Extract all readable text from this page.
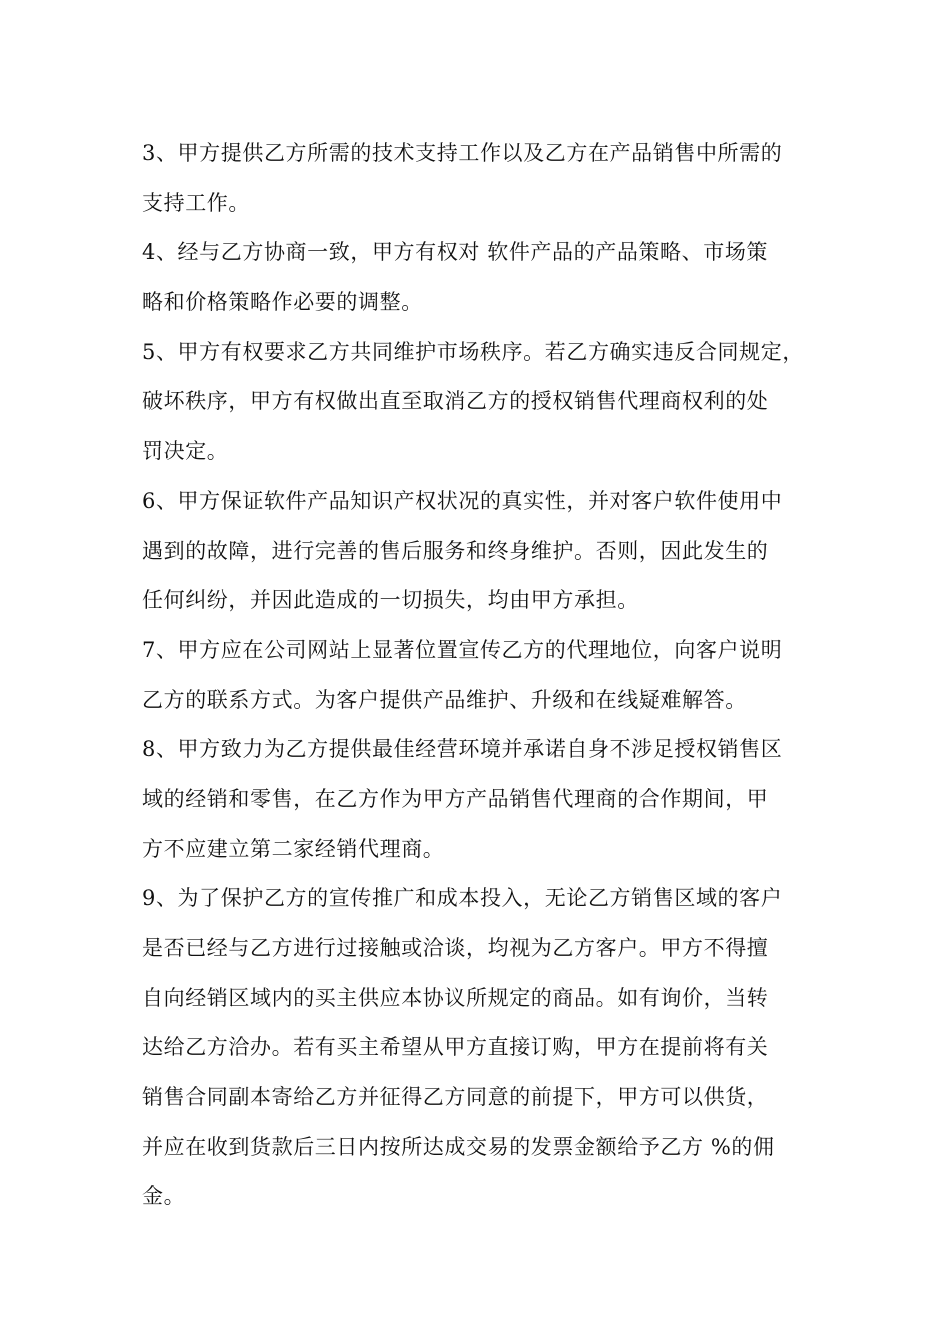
3、甲方提供乙方所需的技术支持工作以及乙方在产品销售中所需的
支持工作。
4、经与乙方协商一致，甲方有权对 软件产品的产品策略、市场策
略和价格策略作必要的调整。
5、甲方有权要求乙方共同维护市场秩序。若乙方确实违反合同规定，
破坏秩序，甲方有权做出直至取消乙方的授权销售代理商权利的处
罚决定。
6、甲方保证软件产品知识产权状况的真实性，并对客户软件使用中
遇到的故障，进行完善的售后服务和终身维护。否则，因此发生的
任何纠纷，并因此造成的一切损失，均由甲方承担。
7、甲方应在公司网站上显著位置宣传乙方的代理地位，向客户说明
乙方的联系方式。为客户提供产品维护、升级和在线疑难解答。
8、甲方致力为乙方提供最佳经营环境并承诺自身不涉足授权销售区
域的经销和零售，在乙方作为甲方产品销售代理商的合作期间，甲
方不应建立第二家经销代理商。
9、为了保护乙方的宣传推广和成本投入，无论乙方销售区域的客户
是否已经与乙方进行过接触或洽谈，均视为乙方客户。甲方不得擅
自向经销区域内的买主供应本协议所规定的商品。如有询价，当转
达给乙方洽办。若有买主希望从甲方直接订购，甲方在提前将有关
销售合同副本寄给乙方并征得乙方同意的前提下，甲方可以供货，
并应在收到货款后三日内按所达成交易的发票金额给予乙方 %的佣
金。
